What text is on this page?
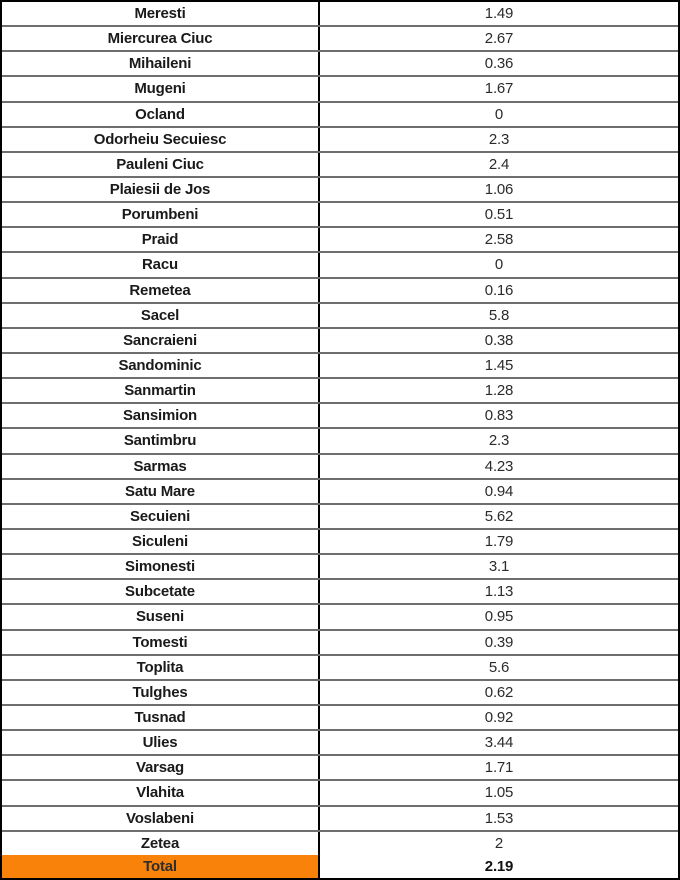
Meresti	1.49
Miercurea Ciuc	2.67
Mihaileni	0.36
Mugeni	1.67
Ocland	0
Odorheiu Secuiesc	2.3
Pauleni Ciuc	2.4
Plaiesii de Jos	1.06
Porumbeni	0.51
Praid	2.58
Racu	0
Remetea	0.16
Sacel	5.8
Sancraieni	0.38
Sandominic	1.45
Sanmartin	1.28
Sansimion	0.83
Santimbru	2.3
Sarmas	4.23
Satu Mare	0.94
Secuieni	5.62
Siculeni	1.79
Simonesti	3.1
Subcetate	1.13
Suseni	0.95
Tomesti	0.39
Toplita	5.6
Tulghes	0.62
Tusnad	0.92
Ulies	3.44
Varsag	1.71
Vlahita	1.05
Voslabeni	1.53
Zetea	2
Total	2.19
